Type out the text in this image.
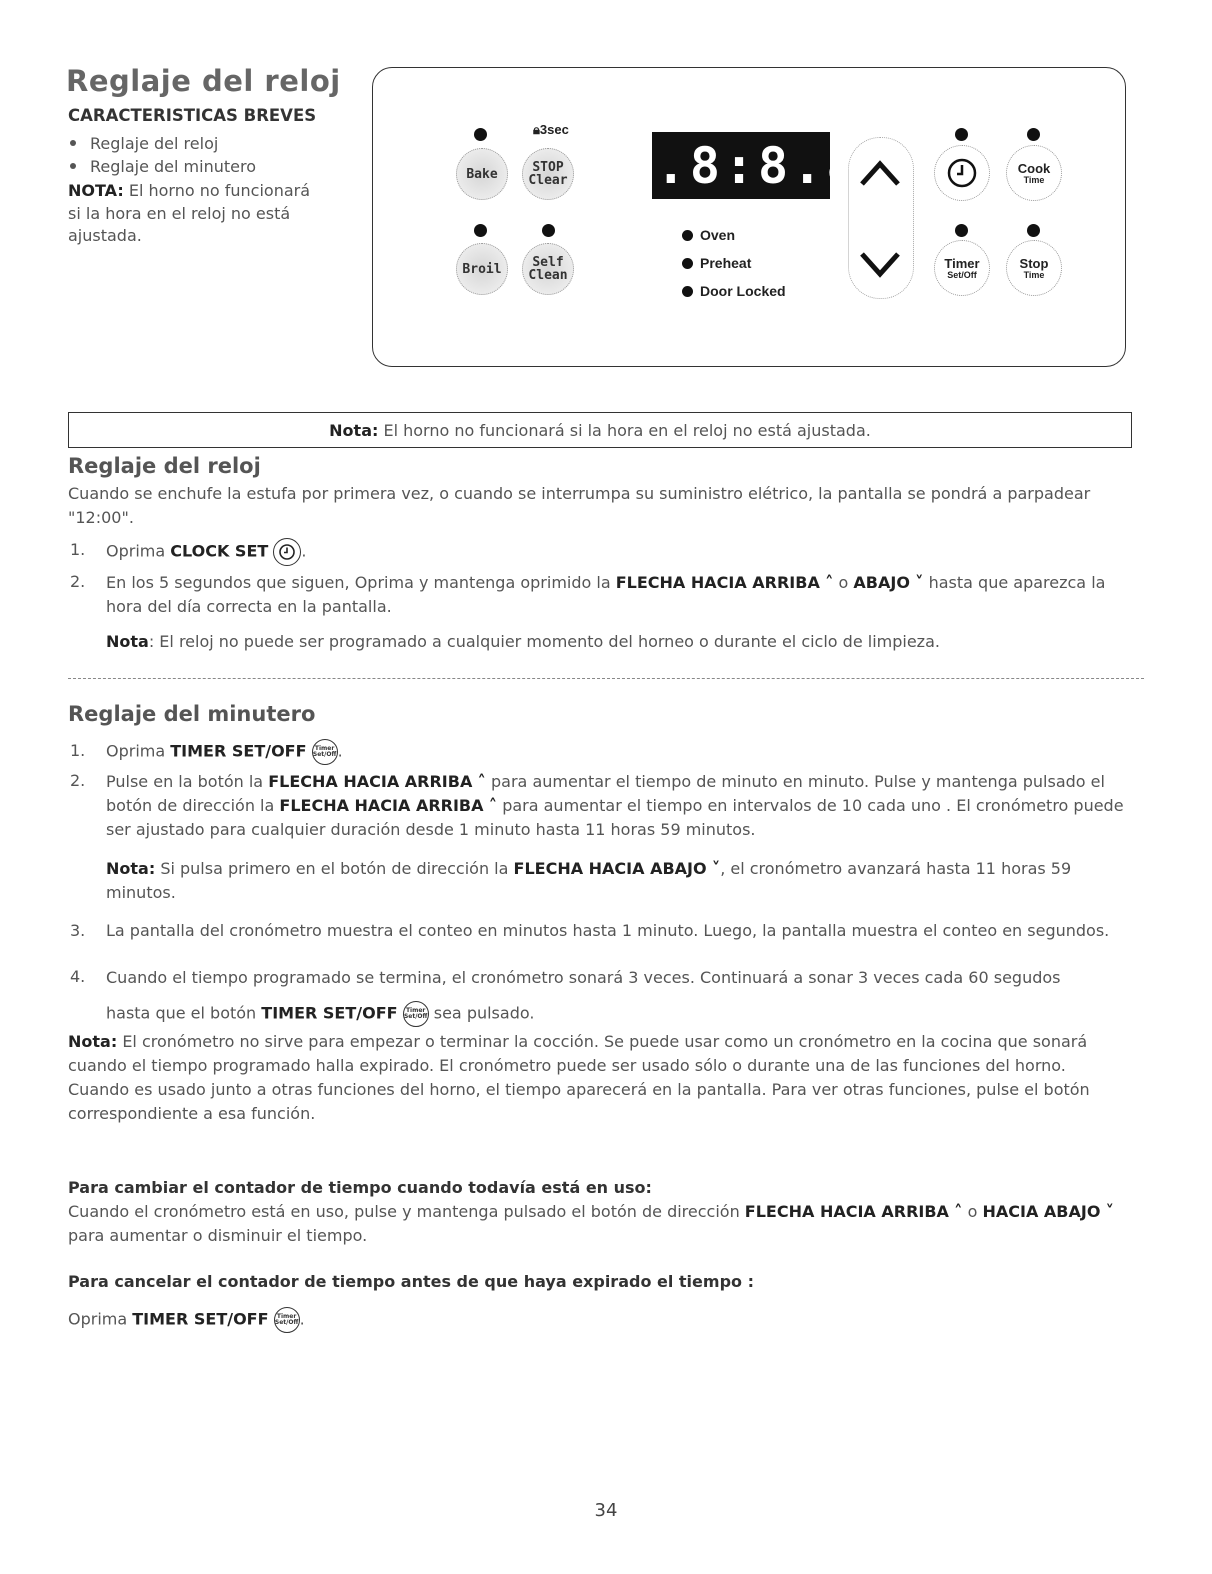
Reglaje del reloj
CARACTERISTICAS BREVES
Reglaje del reloj
Reglaje del minutero
NOTA: El horno no funcionará si la hora en el reloj no está ajustada.
🔒︎3sec
Bake	STOP
Clear
Broil Self
Clean
8.8:8.8
Oven
Preheat
Door Locked
Cook
Time
Timer
Set/Off
Stop
Time
Nota: El horno no funcionará si la hora en el reloj no está ajustada.
Reglaje del reloj
Cuando se enchufe la estufa por primera vez, o cuando se interrumpa su suministro elétrico, la pantalla se pondrá a parpadear "12:00".
1. Oprima CLOCK SET .
2. En los 5 segundos que siguen, Oprima y mantenga oprimido la FLECHA HACIA ARRIBA ˄ o ABAJO ˅ hasta que aparezca la hora del día correcta en la pantalla.
Nota: El reloj no puede ser programado a cualquier momento del horneo o durante el ciclo de limpieza.
Reglaje del minutero
1. Oprima TIMER SET/OFF Timer
Set/Off .
2. Pulse en la botón la FLECHA HACIA ARRIBA ˄ para aumentar el tiempo de minuto en minuto. Pulse y mantenga pulsado el botón de dirección la FLECHA HACIA ARRIBA ˄ para aumentar el tiempo en intervalos de 10 cada uno . El cronómetro puede ser ajustado para cualquier duración desde 1 minuto hasta 11 horas 59 minutos.
Nota: Si pulsa primero en el botón de dirección la FLECHA HACIA ABAJO ˅, el cronómetro avanzará hasta 11 horas 59 minutos.
3. La pantalla del cronómetro muestra el conteo en minutos hasta 1 minuto. Luego, la pantalla muestra el conteo en segundos.
4. Cuando el tiempo programado se termina, el cronómetro sonará 3 veces. Continuará a sonar 3 veces cada 60 segudos
hasta que el botón TIMER SET/OFF Timer
Set/Off sea pulsado.
Nota: El cronómetro no sirve para empezar o terminar la cocción. Se puede usar como un cronómetro en la cocina que sonará cuando el tiempo programado halla expirado. El cronómetro puede ser usado sólo o durante una de las funciones del horno. Cuando es usado junto a otras funciones del horno, el tiempo aparecerá en la pantalla. Para ver otras funciones, pulse el botón correspondiente a esa función.
Para cambiar el contador de tiempo cuando todavía está en uso:
Cuando el cronómetro está en uso, pulse y mantenga pulsado el botón de dirección FLECHA HACIA ARRIBA ˄ o HACIA ABAJO ˅ para aumentar o disminuir el tiempo.
Para cancelar el contador de tiempo antes de que haya expirado el tiempo :
Oprima TIMER SET/OFF Timer
Set/Off .
34
